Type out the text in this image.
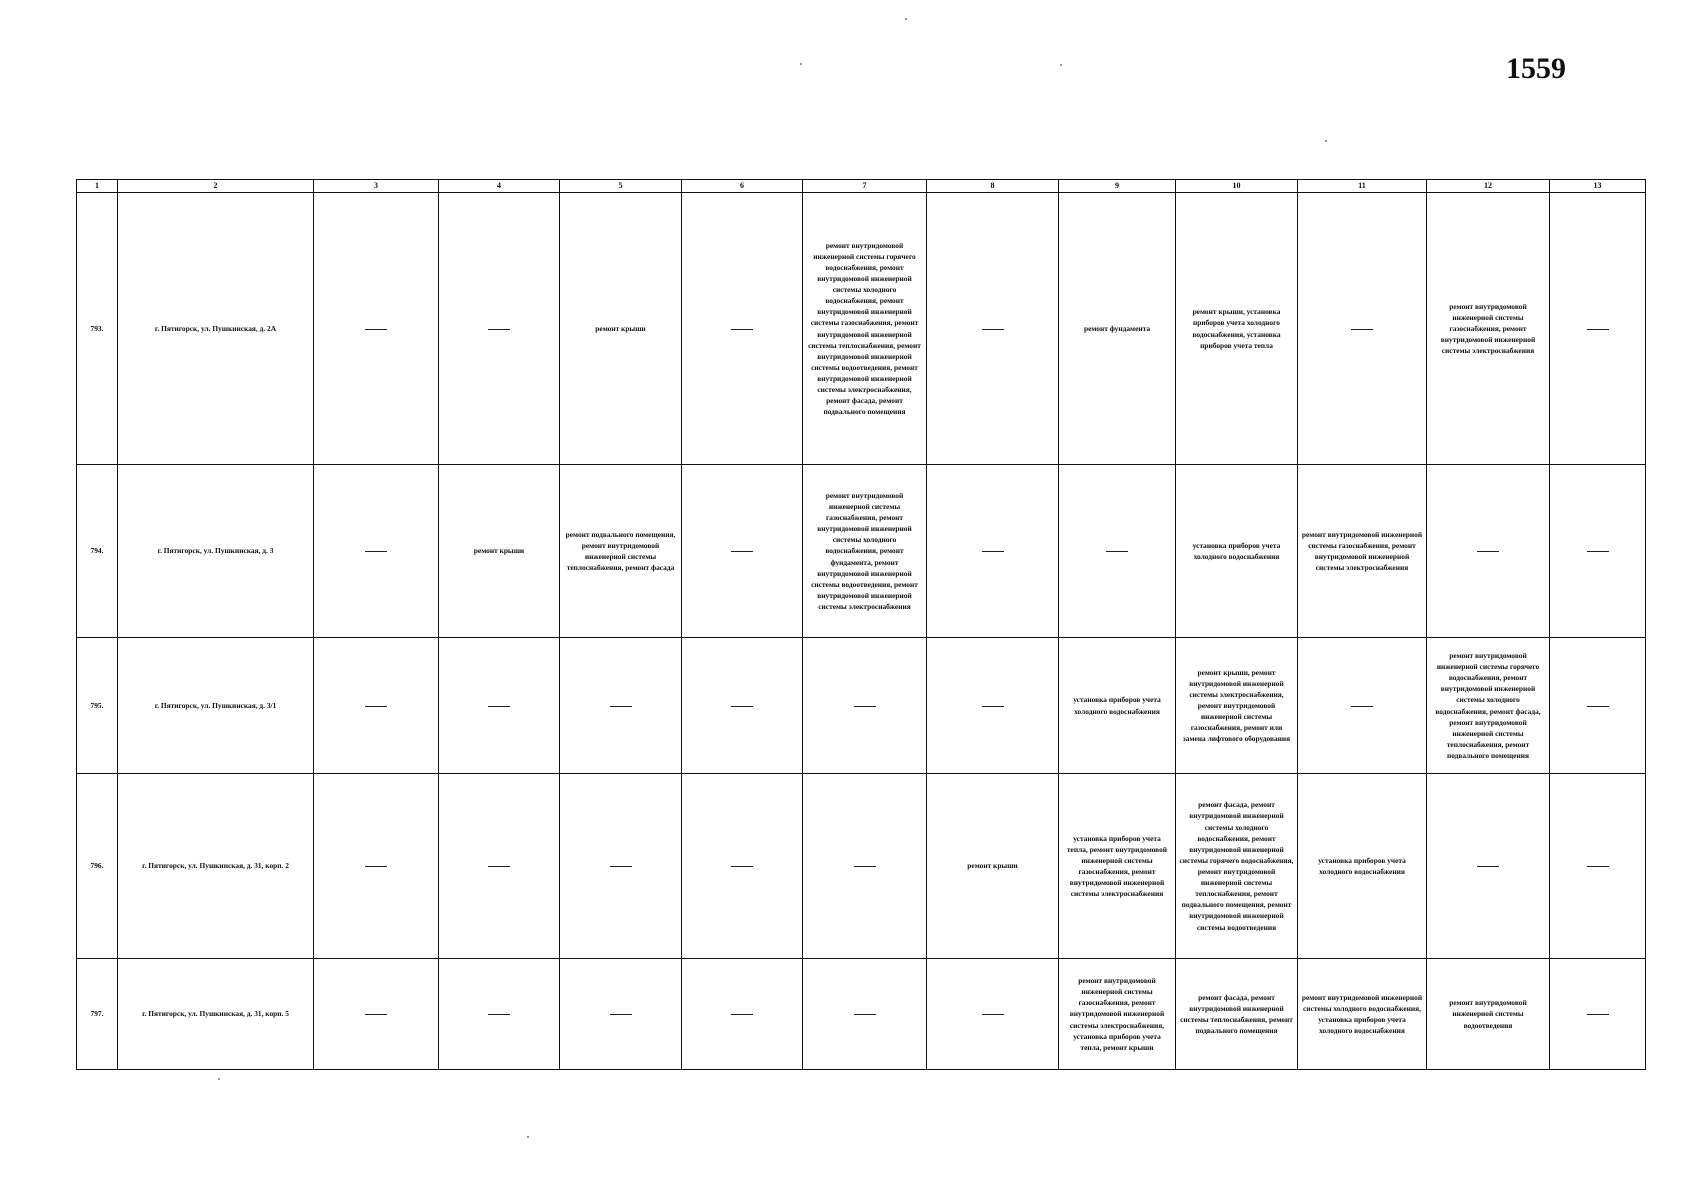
1559
1	2	3	4	5	6	7	8	9	10	11	12	13
793.	г. Пятигорск, ул. Пушкинская, д. 2А			ремонт крыши		ремонт внутридомовой инженерной системы горячего водоснабжения, ремонт внутридомовой инженерной системы холодного водоснабжения, ремонт внутридомовой инженерной системы газоснабжения, ремонт внутридомовой инженерной системы теплоснабжения, ремонт внутридомовой инженерной системы водоотведения, ремонт внутридомовой инженерной системы электроснабжения, ремонт фасада, ремонт подвального помещения		ремонт фундамента	ремонт крыши, установка приборов учета холодного водоснабжения, установка приборов учета тепла		ремонт внутридомовой инженерной системы газоснабжения, ремонт внутридомовой инженерной системы электроснабжения	
794.	г. Пятигорск, ул. Пушкинская, д. 3		ремонт крыши	ремонт подвального помещения, ремонт внутридомовой инженерной системы теплоснабжения, ремонт фасада		ремонт внутридомовой инженерной системы газоснабжения, ремонт внутридомовой инженерной системы холодного водоснабжения, ремонт фундамента, ремонт внутридомовой инженерной системы водоотведения, ремонт внутридомовой инженерной системы электроснабжения			установка приборов учета холодного водоснабжения	ремонт внутридомовой инженерной системы газоснабжения, ремонт внутридомовой инженерной системы электроснабжения		
795.	г. Пятигорск, ул. Пушкинская, д. 3/1							установка приборов учета холодного водоснабжения	ремонт крыши, ремонт внутридомовой инженерной системы электроснабжения, ремонт внутридомовой инженерной системы газоснабжения, ремонт или замена лифтового оборудования		ремонт внутридомовой инженерной системы горячего водоснабжения, ремонт внутридомовой инженерной системы холодного водоснабжения, ремонт фасада, ремонт внутридомовой инженерной системы теплоснабжения, ремонт подвального помещения	
796.	г. Пятигорск, ул. Пушкинская, д. 31, корп. 2						ремонт крыши	установка приборов учета тепла, ремонт внутридомовой инженерной системы газоснабжения, ремонт внутридомовой инженерной системы электроснабжения	ремонт фасада, ремонт внутридомовой инженерной системы холодного водоснабжения, ремонт внутридомовой инженерной системы горячего водоснабжения, ремонт внутридомовой инженерной системы теплоснабжения, ремонт подвального помещения, ремонт внутридомовой инженерной системы водоотведения	установка приборов учета холодного водоснабжения		
797.	г. Пятигорск, ул. Пушкинская, д. 31, корп. 5							ремонт внутридомовой инженерной системы газоснабжения, ремонт внутридомовой инженерной системы электроснабжения, установка приборов учета тепла, ремонт крыши	ремонт фасада, ремонт внутридомовой инженерной системы теплоснабжения, ремонт подвального помещения	ремонт внутридомовой инженерной системы холодного водоснабжения, установка приборов учета холодного водоснабжения	ремонт внутридомовой инженерной системы водоотведения	
